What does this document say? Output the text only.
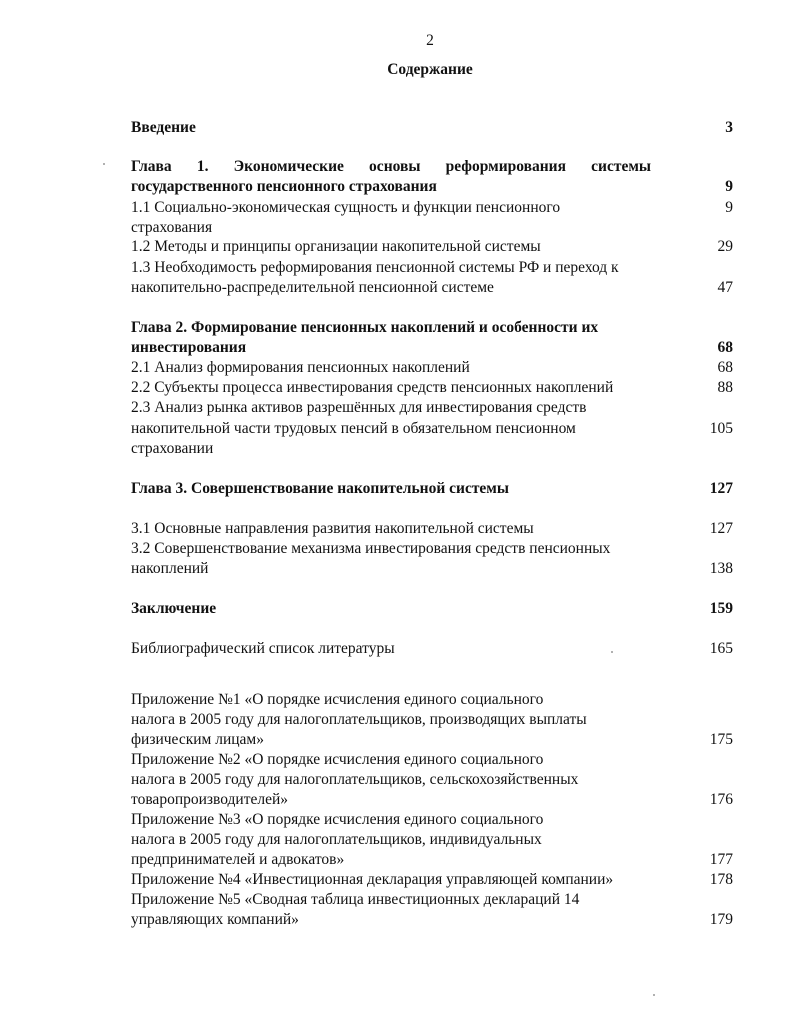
2
Содержание
Введение	3
Глава 1. Экономические основы реформирования системы
государственного пенсионного страхования	9
1.1 Социально-экономическая сущность и функции пенсионного	9
страхования
1.2 Методы и принципы организации накопительной системы	29
1.3 Необходимость реформирования пенсионной системы РФ и переход к
накопительно-распределительной пенсионной системе	47
Глава 2. Формирование пенсионных накоплений и особенности их
инвестирования	68
2.1 Анализ формирования пенсионных накоплений	68
2.2 Субъекты процесса инвестирования средств пенсионных накоплений	88
2.3 Анализ рынка активов разрешённых для инвестирования средств
накопительной части трудовых пенсий в обязательном пенсионном	105
страховании
Глава 3. Совершенствование накопительной системы	127
3.1 Основные направления развития накопительной системы	127
3.2 Совершенствование механизма инвестирования средств пенсионных
накоплений	138
Заключение	159
Библиографический список литературы	165
Приложение №1 «О порядке исчисления единого социального
налога в 2005 году для налогоплательщиков, производящих выплаты
физическим лицам»	175
Приложение №2 «О порядке исчисления единого социального
налога в 2005 году для налогоплательщиков, сельскохозяйственных
товаропроизводителей»	176
Приложение №3 «О порядке исчисления единого социального
налога в 2005 году для налогоплательщиков, индивидуальных
предпринимателей и адвокатов»	177
Приложение №4 «Инвестиционная декларация управляющей компании»	178
Приложение №5 «Сводная таблица инвестиционных деклараций 14
управляющих компаний»	179
